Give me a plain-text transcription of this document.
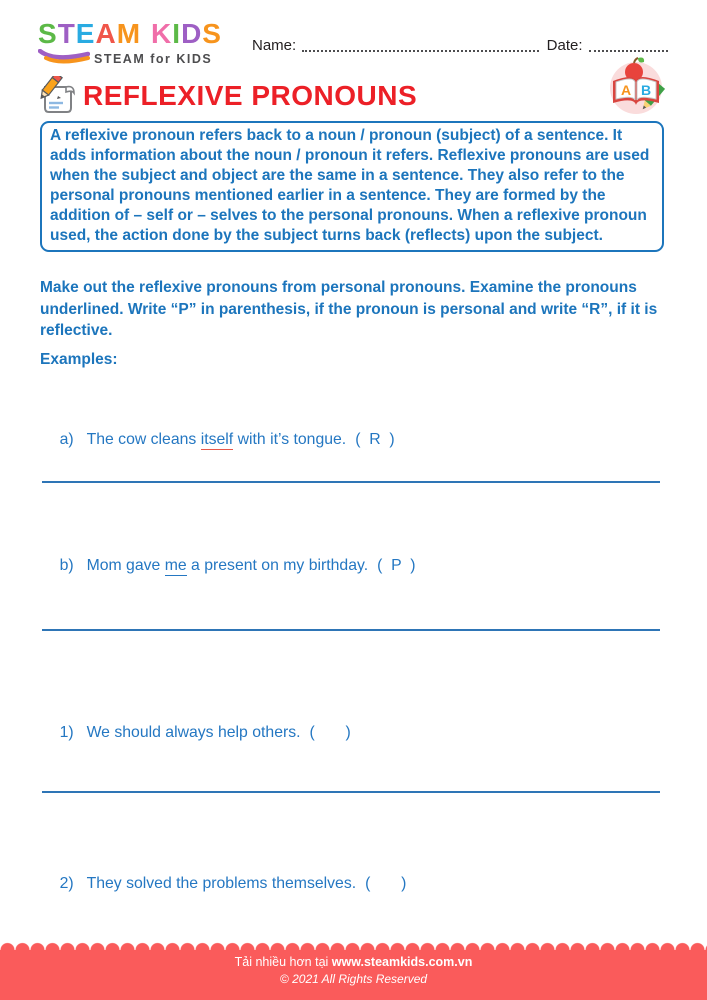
STEAM KIDS
STEAM for KIDS
Name:	Date:
REFLEXIVE PRONOUNS	A B
A reflexive pronoun refers back to a noun / pronoun (subject) of a sentence. It adds information about the noun / pronoun it refers. Reflexive pronouns are used when the subject and object are the same in a sentence. They also refer to the personal pronouns mentioned earlier in a sentence. They are formed by the addition of – self or – selves to the personal pronouns. When a reflexive pronoun used, the action done by the subject turns back (reflects) upon the subject.
Make out the reflexive pronouns from personal pronouns. Examine the pronouns underlined. Write “P” in parenthesis, if the pronoun is personal and write “R”, if it is reflective.
Examples:

a) The cow cleans itself with it’s tongue. (  R  )

b) Mom gave me a present on my birthday. (  P  )

1) We should always help others. (       )

2) They solved the problems themselves. (       )

Tải nhiều hơn tại www.steamkids.com.vn
© 2021 All Rights Reserved
